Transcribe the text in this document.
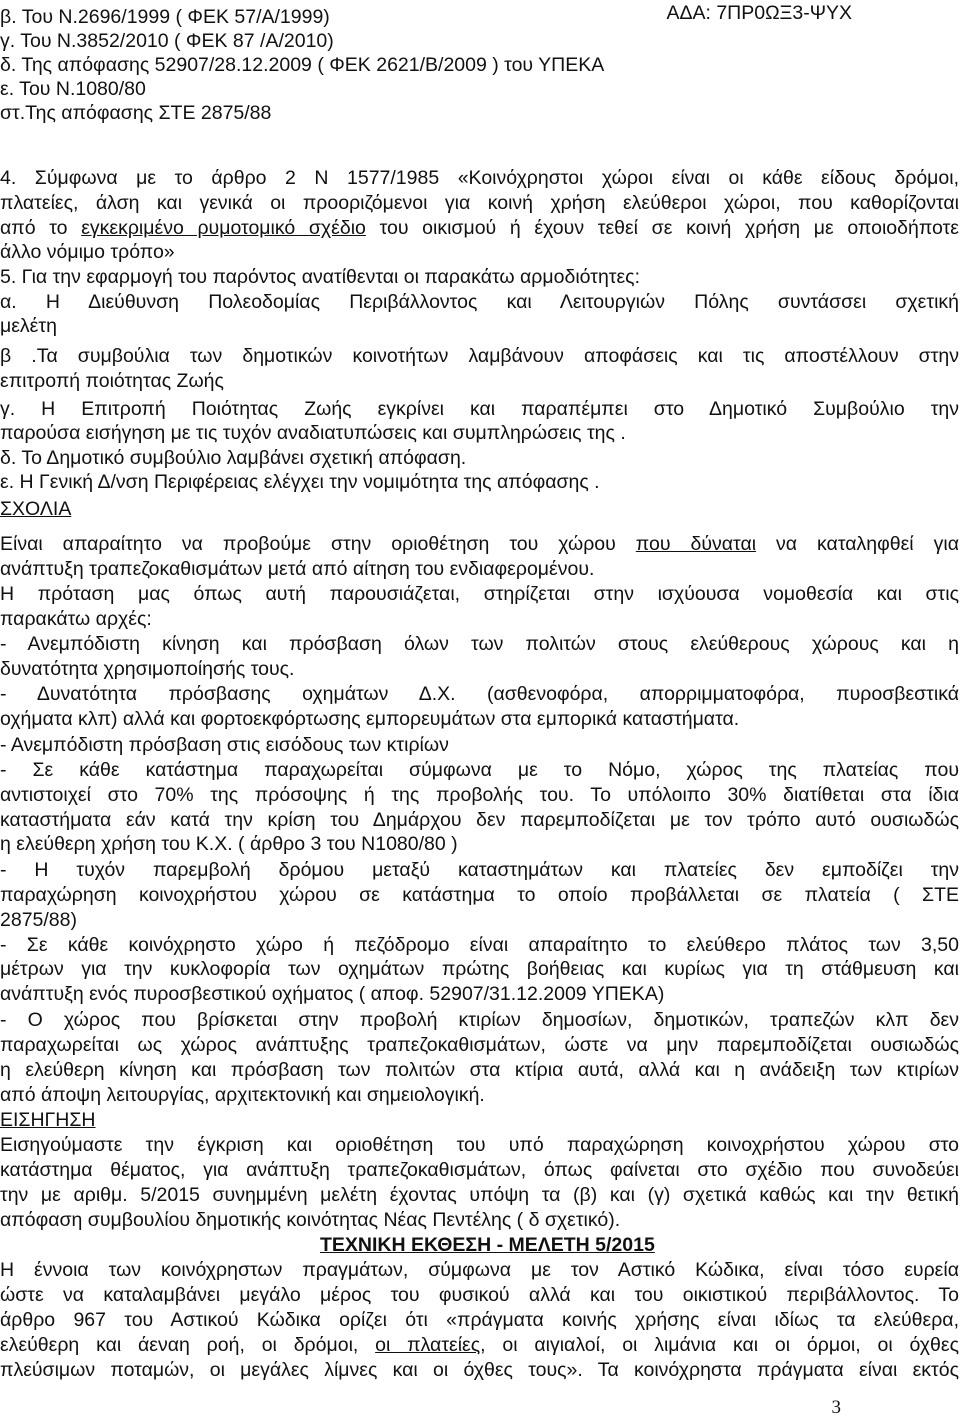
ΑΔΑ: 7ΠΡ0ΩΞ3-ΨΥΧ
β. Του Ν.2696/1999 ( ΦΕΚ 57/Α/1999)
γ. Του Ν.3852/2010 ( ΦΕΚ 87 /Α/2010)
δ. Της απόφασης 52907/28.12.2009 ( ΦΕΚ 2621/Β/2009 ) του ΥΠΕΚΑ
ε. Του Ν.1080/80
στ.Της απόφασης ΣΤΕ 2875/88
4. Σύμφωνα με το άρθρο 2 Ν 1577/1985 «Κοινόχρηστοι χώροι είναι οι κάθε είδους δρόμοι,
πλατείες, άλση και γενικά οι προοριζόμενοι για κοινή χρήση ελεύθεροι χώροι, που καθορίζονται
από το εγκεκριμένο ρυμοτομικό σχέδιο του οικισμού ή έχουν τεθεί σε κοινή χρήση με οποιοδήποτε
άλλο νόμιμο τρόπο»
5. Για την εφαρμογή του παρόντος ανατίθενται οι παρακάτω αρμοδιότητες:
α. Η Διεύθυνση Πολεοδομίας Περιβάλλοντος και Λειτουργιών Πόλης συντάσσει σχετική
μελέτη
β .Τα συμβούλια των δημοτικών κοινοτήτων λαμβάνουν αποφάσεις και τις αποστέλλουν στην
επιτροπή ποιότητας Ζωής
γ. Η Επιτροπή Ποιότητας Ζωής εγκρίνει και παραπέμπει στο Δημοτικό Συμβούλιο την
παρούσα εισήγηση με τις τυχόν αναδιατυπώσεις και συμπληρώσεις της .
δ. Το Δημοτικό συμβούλιο λαμβάνει σχετική απόφαση.
ε. Η Γενική Δ/νση Περιφέρειας ελέγχει την νομιμότητα της απόφασης .
ΣΧΟΛΙΑ
Είναι απαραίτητο να προβούμε στην οριοθέτηση του χώρου που δύναται να καταληφθεί για
ανάπτυξη τραπεζοκαθισμάτων μετά από αίτηση του ενδιαφερομένου.
Η πρόταση μας όπως αυτή παρουσιάζεται, στηρίζεται στην ισχύουσα νομοθεσία και στις
παρακάτω αρχές:
- Ανεμπόδιστη κίνηση και πρόσβαση όλων των πολιτών στους ελεύθερους χώρους και η
δυνατότητα χρησιμοποίησής τους.
- Δυνατότητα πρόσβασης οχημάτων Δ.Χ. (ασθενοφόρα, απορριμματοφόρα, πυροσβεστικά
οχήματα κλπ) αλλά και φορτοεκφόρτωσης εμπορευμάτων στα εμπορικά καταστήματα.
- Ανεμπόδιστη πρόσβαση στις εισόδους των κτιρίων
- Σε κάθε κατάστημα παραχωρείται σύμφωνα με το Νόμο, χώρος της πλατείας που
αντιστοιχεί στο 70% της πρόσοψης ή της προβολής του. Το υπόλοιπο 30% διατίθεται στα ίδια
καταστήματα εάν κατά την κρίση του Δημάρχου δεν παρεμποδίζεται με τον τρόπο αυτό ουσιωδώς
η ελεύθερη χρήση του Κ.Χ. ( άρθρο 3 του Ν1080/80 )
- Η τυχόν παρεμβολή δρόμου μεταξύ καταστημάτων και πλατείες δεν εμποδίζει την
παραχώρηση κοινοχρήστου χώρου σε κατάστημα το οποίο προβάλλεται σε πλατεία ( ΣΤΕ
2875/88)
- Σε κάθε κοινόχρηστο χώρο ή πεζόδρομο είναι απαραίτητο το ελεύθερο πλάτος των 3,50
μέτρων για την κυκλοφορία των οχημάτων πρώτης βοήθειας και κυρίως για τη στάθμευση και
ανάπτυξη ενός πυροσβεστικού οχήματος ( αποφ. 52907/31.12.2009 ΥΠΕΚΑ)
- Ο χώρος που βρίσκεται στην προβολή κτιρίων δημοσίων, δημοτικών, τραπεζών κλπ δεν
παραχωρείται ως χώρος ανάπτυξης τραπεζοκαθισμάτων, ώστε να μην παρεμποδίζεται ουσιωδώς
η ελεύθερη κίνηση και πρόσβαση των πολιτών στα κτίρια αυτά, αλλά και η ανάδειξη των κτιρίων
από άποψη λειτουργίας, αρχιτεκτονική και σημειολογική.
ΕΙΣΗΓΗΣΗ
Εισηγούμαστε την έγκριση και οριοθέτηση του υπό παραχώρηση κοινοχρήστου χώρου στο
κατάστημα θέματος, για ανάπτυξη τραπεζοκαθισμάτων, όπως φαίνεται στο σχέδιο που συνοδεύει
την με αριθμ. 5/2015 συνημμένη μελέτη έχοντας υπόψη τα (β) και (γ) σχετικά καθώς και την θετική
απόφαση συμβουλίου δημοτικής κοινότητας Νέας Πεντέλης ( δ σχετικό).
ΤΕΧΝΙΚΗ ΕΚΘΕΣΗ - ΜΕΛΕΤΗ 5/2015
Η έννοια των κοινόχρηστων πραγμάτων, σύμφωνα με τον Αστικό Κώδικα, είναι τόσο ευρεία
ώστε να καταλαμβάνει μεγάλο μέρος του φυσικού αλλά και του οικιστικού περιβάλλοντος. Το
άρθρο 967 του Αστικού Κώδικα ορίζει ότι «πράγματα κοινής χρήσης είναι ιδίως τα ελεύθερα,
ελεύθερη και άεναη ροή, οι δρόμοι, οι πλατείες, οι αιγιαλοί, οι λιμάνια και οι όρμοι, οι όχθες
πλεύσιμων ποταμών, οι μεγάλες λίμνες και οι όχθες τους». Τα κοινόχρηστα πράγματα είναι εκτός
3
